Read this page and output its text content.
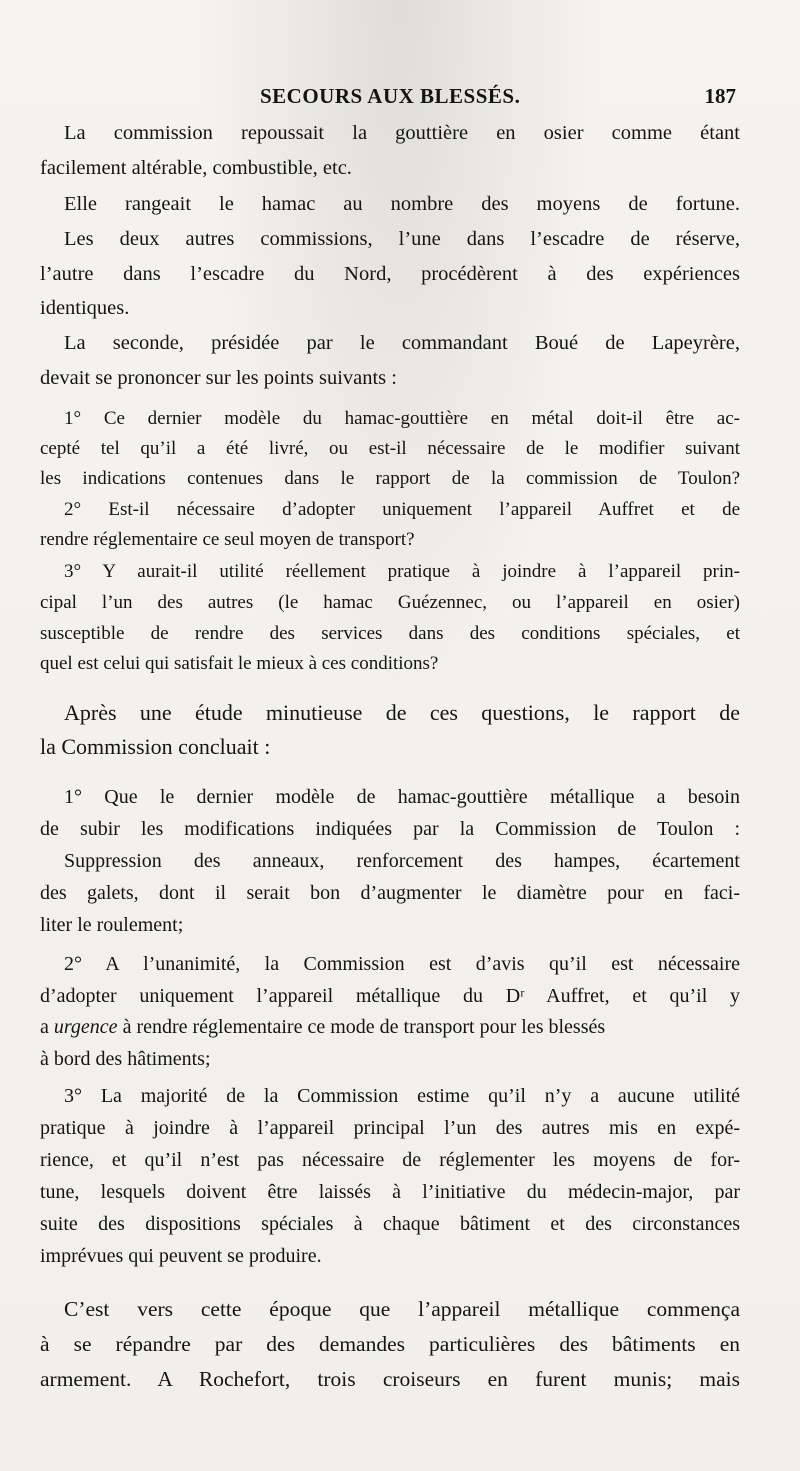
SECOURS AUX BLESSÉS.	187
La commission repoussait la gouttière en osier comme étant
facilement altérable, combustible, etc.
Elle rangeait le hamac au nombre des moyens de fortune.
Les deux autres commissions, l’une dans l’escadre de réserve,
l’autre dans l’escadre du Nord, procédèrent à des expériences
identiques.
La seconde, présidée par le commandant Boué de Lapeyrère,
devait se prononcer sur les points suivants :
1° Ce dernier modèle du hamac-gouttière en métal doit-il être ac-
cepté tel qu’il a été livré, ou est-il nécessaire de le modifier suivant
les indications contenues dans le rapport de la commission de Toulon?
2° Est-il nécessaire d’adopter uniquement l’appareil Auffret et de
rendre réglementaire ce seul moyen de transport?
3° Y aurait-il utilité réellement pratique à joindre à l’appareil prin-
cipal l’un des autres (le hamac Guézennec, ou l’appareil en osier)
susceptible de rendre des services dans des conditions spéciales, et
quel est celui qui satisfait le mieux à ces conditions?
Après une étude minutieuse de ces questions, le rapport de
la Commission concluait :
1° Que le dernier modèle de hamac-gouttière métallique a besoin
de subir les modifications indiquées par la Commission de Toulon :
Suppression des anneaux, renforcement des hampes, écartement
des galets, dont il serait bon d’augmenter le diamètre pour en faci-
liter le roulement;
2° A l’unanimité, la Commission est d’avis qu’il est nécessaire
d’adopter uniquement l’appareil métallique du Dʳ Auffret, et qu’il y
a urgence à rendre réglementaire ce mode de transport pour les blessés
à bord des hâtiments;
3° La majorité de la Commission estime qu’il n’y a aucune utilité
pratique à joindre à l’appareil principal l’un des autres mis en expé-
rience, et qu’il n’est pas nécessaire de réglementer les moyens de for-
tune, lesquels doivent être laissés à l’initiative du médecin-major, par
suite des dispositions spéciales à chaque bâtiment et des circonstances
imprévues qui peuvent se produire.
C’est vers cette époque que l’appareil métallique commença
à se répandre par des demandes particulières des bâtiments en
armement. A Rochefort, trois croiseurs en furent munis; mais
